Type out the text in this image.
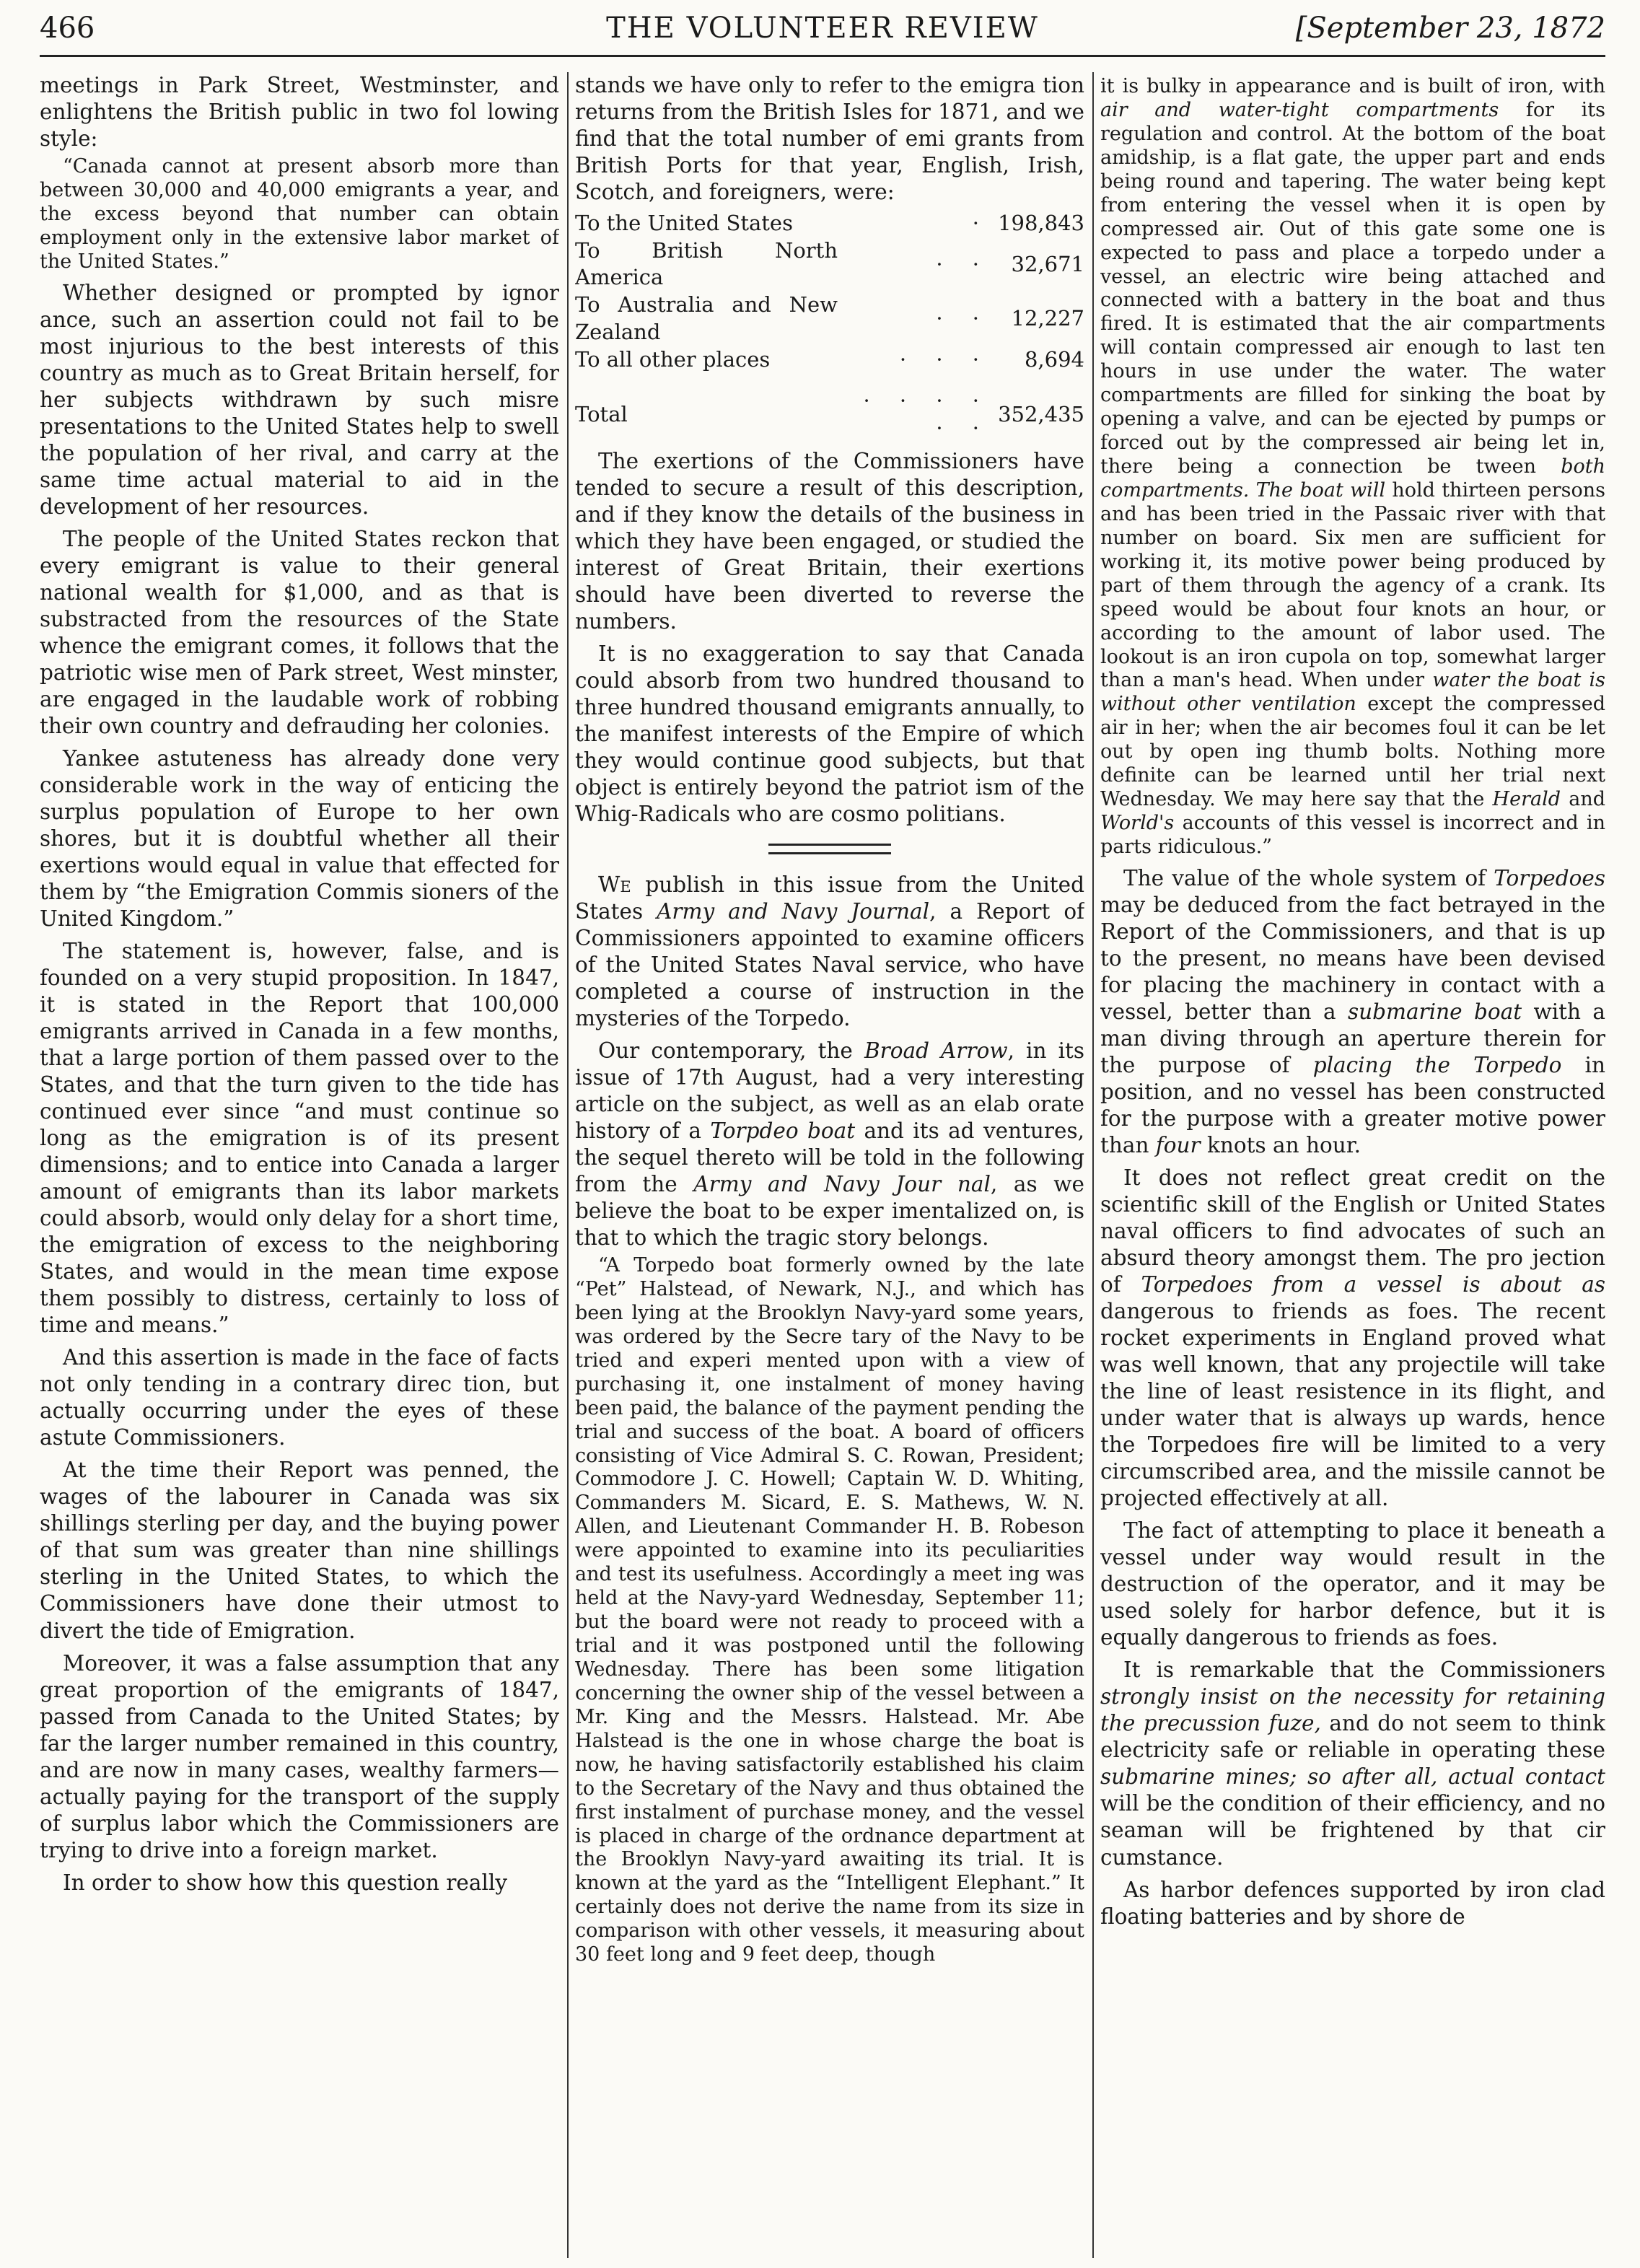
466	THE VOLUNTEER REVIEW	[September 23, 1872

meetings in Park Street, Westminster, and enlightens the British public in two fol lowing style:

“Canada cannot at present absorb more than between 30,000 and 40,000 emigrants a year, and the excess beyond that number can obtain employment only in the extensive labor market of the United States.”

Whether designed or prompted by ignor ance, such an assertion could not fail to be most injurious to the best interests of this country as much as to Great Britain herself, for her subjects withdrawn by such misre presentations to the United States help to swell the population of her rival, and carry at the same time actual material to aid in the development of her resources.

The people of the United States reckon that every emigrant is value to their general national wealth for $1,000, and as that is substracted from the resources of the State whence the emigrant comes, it follows that the patriotic wise men of Park street, West minster, are engaged in the laudable work of robbing their own country and defrauding her colonies.

Yankee astuteness has already done very considerable work in the way of enticing the surplus population of Europe to her own shores, but it is doubtful whether all their exertions would equal in value that effected for them by “the Emigration Commis sioners of the United Kingdom.”

The statement is, however, false, and is founded on a very stupid proposition. In 1847, it is stated in the Report that 100,000 emigrants arrived in Canada in a few months, that a large portion of them passed over to the States, and that the turn given to the tide has continued ever since “and must continue so long as the emigration is of its present dimensions; and to entice into Canada a larger amount of emigrants than its labor markets could absorb, would only delay for a short time, the emigration of excess to the neighboring States, and would in the mean time expose them possibly to distress, certainly to loss of time and means.”

And this assertion is made in the face of facts not only tending in a contrary direc tion, but actually occurring under the eyes of these astute Commissioners.

At the time their Report was penned, the wages of the labourer in Canada was six shillings sterling per day, and the buying power of that sum was greater than nine shillings sterling in the United States, to which the Commissioners have done their utmost to divert the tide of Emigration.

Moreover, it was a false assumption that any great proportion of the emigrants of 1847, passed from Canada to the United States; by far the larger number remained in this country, and are now in many cases, wealthy farmers—actually paying for the transport of the supply of surplus labor which the Commissioners are trying to drive into a foreign market.

In order to show how this question really

stands we have only to refer to the emigra tion returns from the British Isles for 1871, and we find that the total number of emi grants from British Ports for that year, English, Irish, Scotch, and foreigners, were:

To the United States	·	198,843
To British North America	· ·	32,671
To Australia and New Zealand	· ·	12,227
To all other places	· · ·	8,694
Total	· · · · · ·	352,435

The exertions of the Commissioners have tended to secure a result of this description, and if they know the details of the business in which they have been engaged, or studied the interest of Great Britain, their exertions should have been diverted to reverse the numbers.

It is no exaggeration to say that Canada could absorb from two hundred thousand to three hundred thousand emigrants annually, to the manifest interests of the Empire of which they would continue good subjects, but that object is entirely beyond the patriot ism of the Whig-Radicals who are cosmo politians.

We publish in this issue from the United States Army and Navy Journal, a Report of Commissioners appointed to examine officers of the United States Naval service, who have completed a course of instruction in the mysteries of the Torpedo.

Our contemporary, the Broad Arrow, in its issue of 17th August, had a very interesting article on the subject, as well as an elab orate history of a Torpdeo boat and its ad ventures, the sequel thereto will be told in the following from the Army and Navy Jour nal, as we believe the boat to be exper imentalized on, is that to which the tragic story belongs.

“A Torpedo boat formerly owned by the late “Pet” Halstead, of Newark, N.J., and which has been lying at the Brooklyn Navy-yard some years, was ordered by the Secre tary of the Navy to be tried and experi mented upon with a view of purchasing it, one instalment of money having been paid, the balance of the payment pending the trial and success of the boat. A board of officers consisting of Vice Admiral S. C. Rowan, President; Commodore J. C. Howell; Captain W. D. Whiting, Commanders M. Sicard, E. S. Mathews, W. N. Allen, and Lieutenant Commander H. B. Robeson were appointed to examine into its peculiarities and test its usefulness. Accordingly a meet ing was held at the Navy-yard Wednesday, September 11; but the board were not ready to proceed with a trial and it was postponed until the following Wednesday. There has been some litigation concerning the owner ship of the vessel between a Mr. King and the Messrs. Halstead. Mr. Abe Halstead is the one in whose charge the boat is now, he having satisfactorily established his claim to the Secretary of the Navy and thus obtained the first instalment of purchase money, and the vessel is placed in charge of the ordnance department at the Brooklyn Navy-yard awaiting its trial. It is known at the yard as the “Intelligent Elephant.” It certainly does not derive the name from its size in comparison with other vessels, it measuring about 30 feet long and 9 feet deep, though

it is bulky in appearance and is built of iron, with air and water-tight compartments for its regulation and control. At the bottom of the boat amidship, is a flat gate, the upper part and ends being round and tapering. The water being kept from entering the vessel when it is open by compressed air. Out of this gate some one is expected to pass and place a torpedo under a vessel, an electric wire being attached and connected with a battery in the boat and thus fired. It is estimated that the air compartments will contain compressed air enough to last ten hours in use under the water. The water compartments are filled for sinking the boat by opening a valve, and can be ejected by pumps or forced out by the compressed air being let in, there being a connection be tween both compartments. The boat will hold thirteen persons and has been tried in the Passaic river with that number on board. Six men are sufficient for working it, its motive power being produced by part of them through the agency of a crank. Its speed would be about four knots an hour, or according to the amount of labor used. The lookout is an iron cupola on top, somewhat larger than a man's head. When under water the boat is without other ventilation except the compressed air in her; when the air becomes foul it can be let out by open ing thumb bolts. Nothing more definite can be learned until her trial next Wednesday. We may here say that the Herald and World's accounts of this vessel is incorrect and in parts ridiculous.”

The value of the whole system of Torpedoes may be deduced from the fact betrayed in the Report of the Commissioners, and that is up to the present, no means have been devised for placing the machinery in contact with a vessel, better than a submarine boat with a man diving through an aperture therein for the purpose of placing the Torpedo in position, and no vessel has been constructed for the purpose with a greater motive power than four knots an hour.

It does not reflect great credit on the scientific skill of the English or United States naval officers to find advocates of such an absurd theory amongst them. The pro jection of Torpedoes from a vessel is about as dangerous to friends as foes. The recent rocket experiments in England proved what was well known, that any projectile will take the line of least resistence in its flight, and under water that is always up wards, hence the Torpedoes fire will be limited to a very circumscribed area, and the missile cannot be projected effectively at all.

The fact of attempting to place it beneath a vessel under way would result in the destruction of the operator, and it may be used solely for harbor defence, but it is equally dangerous to friends as foes.

It is remarkable that the Commissioners strongly insist on the necessity for retaining the precussion fuze, and do not seem to think electricity safe or reliable in operating these submarine mines; so after all, actual contact will be the condition of their efficiency, and no seaman will be frightened by that cir cumstance.

As harbor defences supported by iron clad floating batteries and by shore de
